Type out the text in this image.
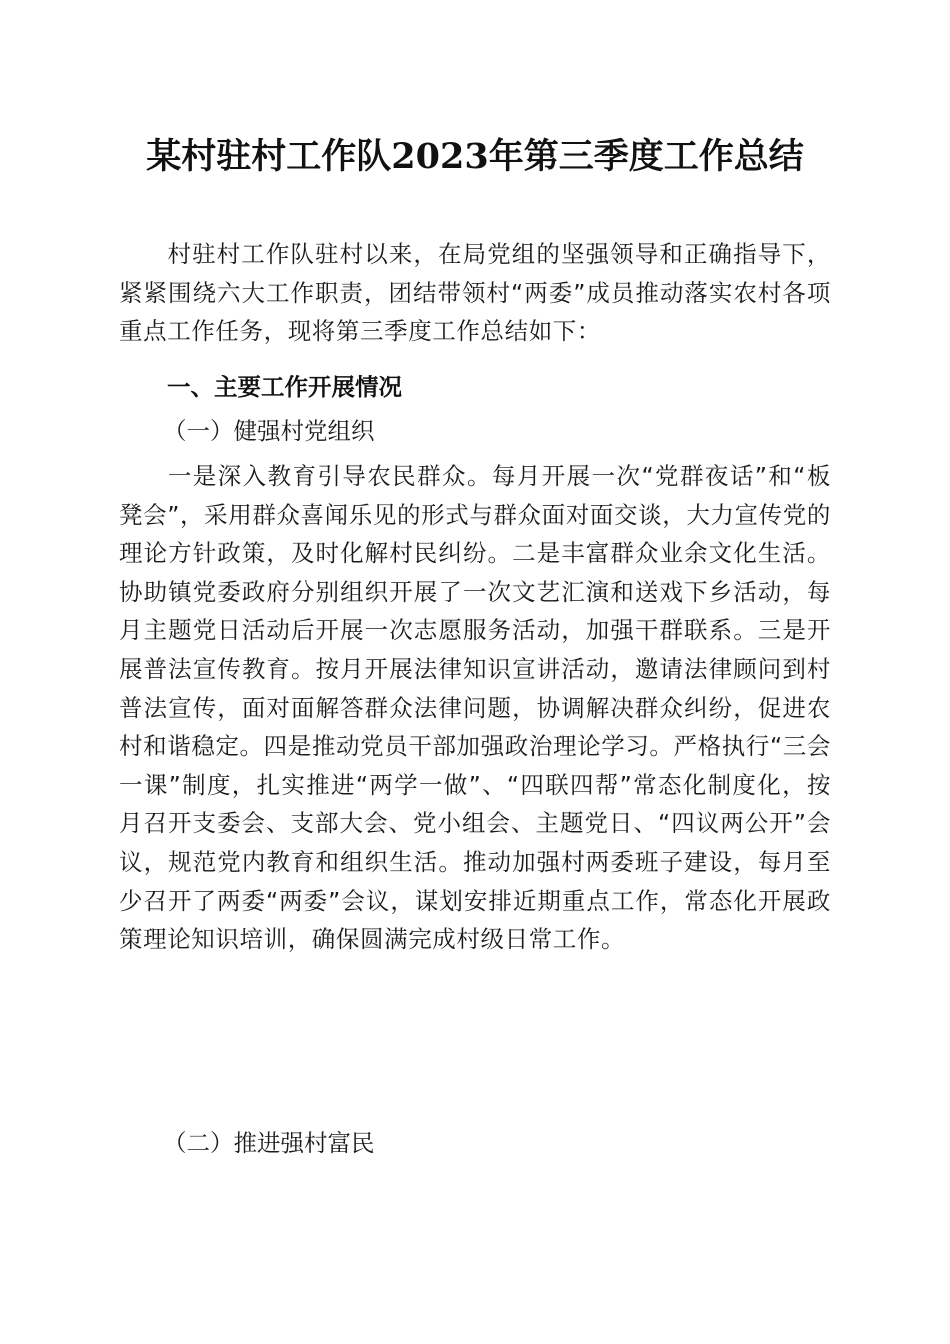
某村驻村工作队2023年第三季度工作总结

村驻村工作队驻村以来，在局党组的坚强领导和正确指导下，紧紧围绕六大工作职责，团结带领村“两委”成员推动落实农村各项重点工作任务，现将第三季度工作总结如下：

一、主要工作开展情况

（一）健强村党组织

一是深入教育引导农民群众。每月开展一次“党群夜话”和“板凳会”，采用群众喜闻乐见的形式与群众面对面交谈，大力宣传党的理论方针政策，及时化解村民纠纷。二是丰富群众业余文化生活。协助镇党委政府分别组织开展了一次文艺汇演和送戏下乡活动，每月主题党日活动后开展一次志愿服务活动，加强干群联系。三是开展普法宣传教育。按月开展法律知识宣讲活动，邀请法律顾问到村普法宣传，面对面解答群众法律问题，协调解决群众纠纷，促进农村和谐稳定。四是推动党员干部加强政治理论学习。严格执行“三会一课”制度，扎实推进“两学一做”、“四联四帮”常态化制度化，按月召开支委会、支部大会、党小组会、主题党日、“四议两公开”会议，规范党内教育和组织生活。推动加强村两委班子建设，每月至少召开了两委“两委”会议，谋划安排近期重点工作，常态化开展政策理论知识培训，确保圆满完成村级日常工作。

（二）推进强村富民
